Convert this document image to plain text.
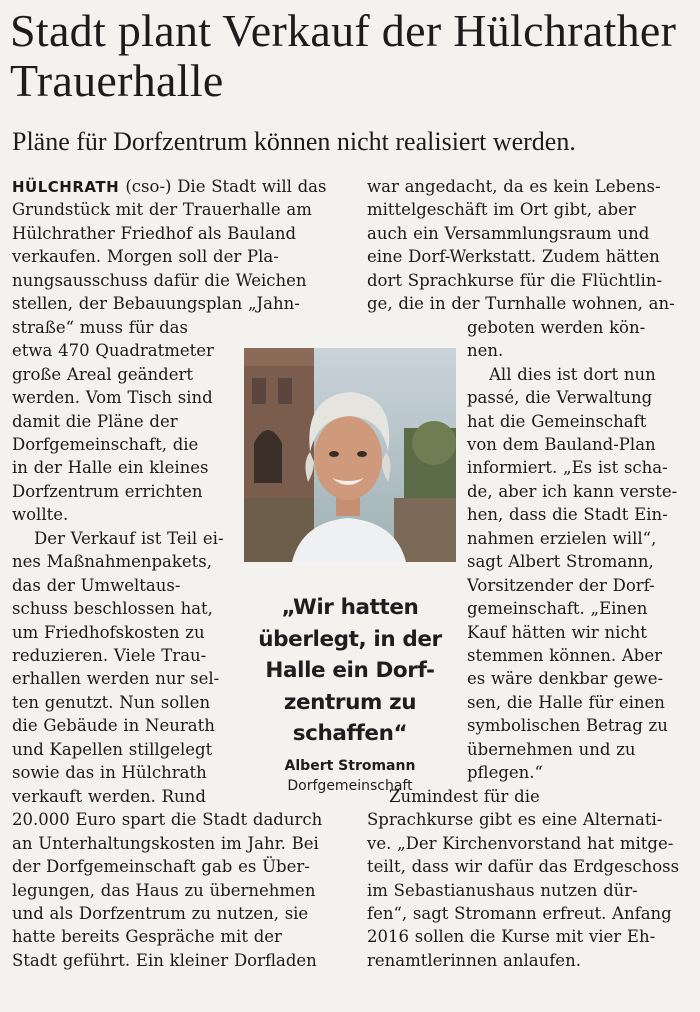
Stadt plant Verkauf der Hülchrather Trauerhalle
Pläne für Dorfzentrum können nicht realisiert werden.
HÜLCHRATH (cso-) Die Stadt will das
Grundstück mit der Trauerhalle am
Hülchrather Friedhof als Bauland
verkaufen. Morgen soll der Pla-
nungsausschuss dafür die Weichen
stellen, der Bebauungsplan „Jahn-
straße“ muss für das
etwa 470 Quadratmeter
große Areal geändert
werden. Vom Tisch sind
damit die Pläne der
Dorfgemeinschaft, die
in der Halle ein kleines
Dorfzentrum errichten
wollte.
Der Verkauf ist Teil ei-
nes Maßnahmenpakets,
das der Umweltaus-
schuss beschlossen hat,
um Friedhofskosten zu
reduzieren. Viele Trau-
erhallen werden nur sel-
ten genutzt. Nun sollen
die Gebäude in Neurath
und Kapellen stillgelegt
sowie das in Hülchrath
verkauft werden. Rund
20.000 Euro spart die Stadt dadurch
an Unterhaltungskosten im Jahr. Bei
der Dorfgemeinschaft gab es Über-
legungen, das Haus zu übernehmen
und als Dorfzentrum zu nutzen, sie
hatte bereits Gespräche mit der
Stadt geführt. Ein kleiner Dorfladen
war angedacht, da es kein Lebens-
mittelgeschäft im Ort gibt, aber
auch ein Versammlungsraum und
eine Dorf-Werkstatt. Zudem hätten
dort Sprachkurse für die Flüchtlin-
ge, die in der Turnhalle wohnen, an-
geboten werden kön-
nen.
All dies ist dort nun
passé, die Verwaltung
hat die Gemeinschaft
von dem Bauland-Plan
informiert. „Es ist scha-
de, aber ich kann verste-
hen, dass die Stadt Ein-
nahmen erzielen will“,
sagt Albert Stromann,
Vorsitzender der Dorf-
gemeinschaft. „Einen
Kauf hätten wir nicht
stemmen können. Aber
es wäre denkbar gewe-
sen, die Halle für einen
symbolischen Betrag zu
übernehmen und zu
pflegen.“
Zumindest für die
Sprachkurse gibt es eine Alternati-
ve. „Der Kirchenvorstand hat mitge-
teilt, dass wir dafür das Erdgeschoss
im Sebastianushaus nutzen dür-
fen“, sagt Stromann erfreut. Anfang
2016 sollen die Kurse mit vier Eh-
renamtlerinnen anlaufen.
„Wir hatten
überlegt, in der
Halle ein Dorf-
zentrum zu
schaffen“
Albert Stromann
Dorfgemeinschaft
